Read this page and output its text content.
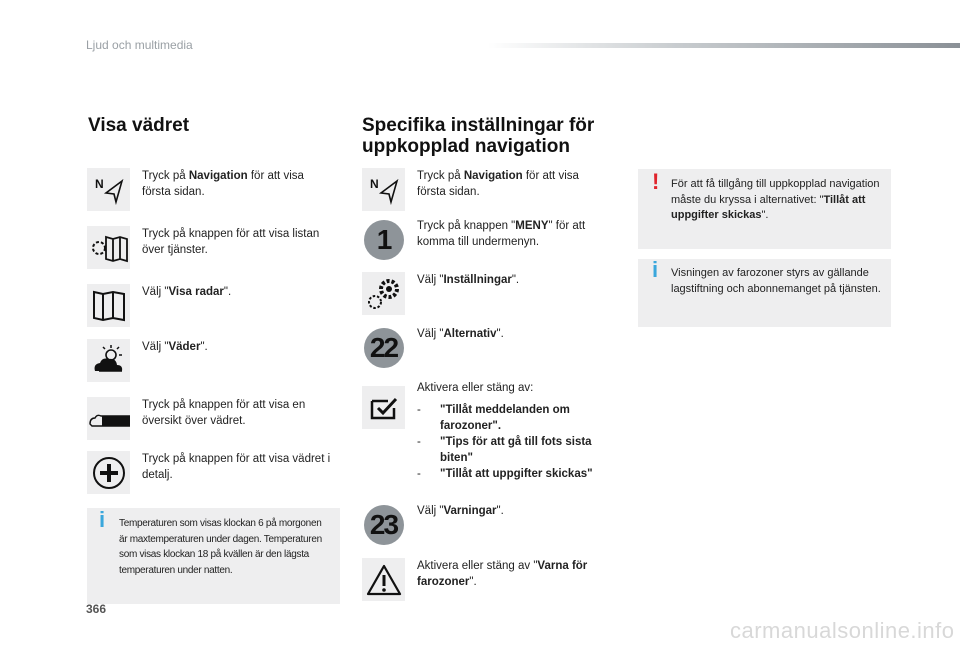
Ljud och multimedia
Visa vädret
N
Tryck på Navigation för att visa första sidan.
Tryck på knappen för att visa listan över tjänster.
Välj "Visa radar".
Välj "Väder".
Tryck på knappen för att visa en översikt över vädret.
Tryck på knappen för att visa vädret i detalj.
i Temperaturen som visas klockan 6 på morgonen är maxtemperaturen under dagen. Temperaturen som visas klockan 18 på kvällen är den lägsta temperaturen under natten.
Specifika inställningar för
uppkopplad navigation
N
Tryck på Navigation för att visa första sidan.
1	Tryck på knappen "MENY" för att komma till undermenyn.
Välj "Inställningar".
22	Välj "Alternativ".
Aktivera eller stäng av:
- "Tillåt meddelanden om farozoner".
- "Tips för att gå till fots sista biten"
- "Tillåt att uppgifter skickas"
23	Välj "Varningar".
Aktivera eller stäng av "Varna för farozoner".
! För att få tillgång till uppkopplad navigation måste du kryssa i alternativet: "Tillåt att uppgifter skickas".
i Visningen av farozoner styrs av gällande lagstiftning och abonnemanget på tjänsten.
366
carmanualsonline.info
